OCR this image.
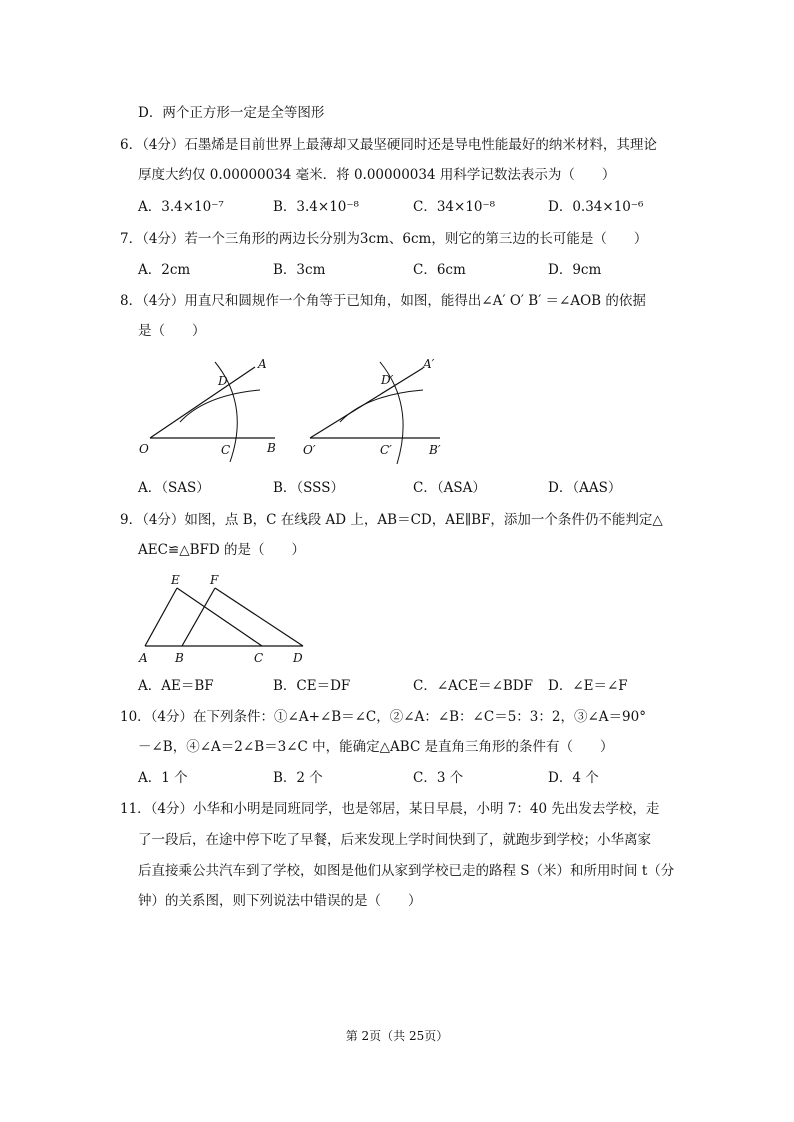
D．两个正方形一定是全等图形
6．（4分）石墨烯是目前世界上最薄却又最坚硬同时还是导电性能最好的纳米材料，其理论
厚度大约仅 0.00000034 毫米．将 0.00000034 用科学记数法表示为（　　）
A．3.4×10⁻⁷	B．3.4×10⁻⁸	C．34×10⁻⁸	D．0.34×10⁻⁶
7．（4分）若一个三角形的两边长分别为3cm、6cm，则它的第三边的长可能是（　　）
A．2cm	B．3cm	C．6cm	D．9cm
8．（4分）用直尺和圆规作一个角等于已知角，如图，能得出∠A′ O′ B′ ＝∠AOB 的依据
是（　　）
O
A
B
C
D
O′
A′
B′
C′
D′
A．（SAS）	B．（SSS）	C．（ASA）	D．（AAS）
9．（4分）如图，点 B，C 在线段 AD 上，AB＝CD，AE∥BF，添加一个条件仍不能判定△
AEC≌△BFD 的是（　　）
E	F
A B	C D
A．AE＝BF	B．CE＝DF	C．∠ACE＝∠BDF D．∠E＝∠F
10．（4分）在下列条件：①∠A+∠B＝∠C，②∠A：∠B：∠C＝5：3：2，③∠A＝90°
－∠B，④∠A＝2∠B＝3∠C 中，能确定△ABC 是直角三角形的条件有（　　）
A．1 个	B．2 个	C．3 个	D．4 个
11．（4分）小华和小明是同班同学，也是邻居，某日早晨，小明 7：40 先出发去学校，走
了一段后，在途中停下吃了早餐，后来发现上学时间快到了，就跑步到学校；小华离家
后直接乘公共汽车到了学校，如图是他们从家到学校已走的路程 S（米）和所用时间 t（分
钟）的关系图，则下列说法中错误的是（　　）
第 2页（共 25页）
